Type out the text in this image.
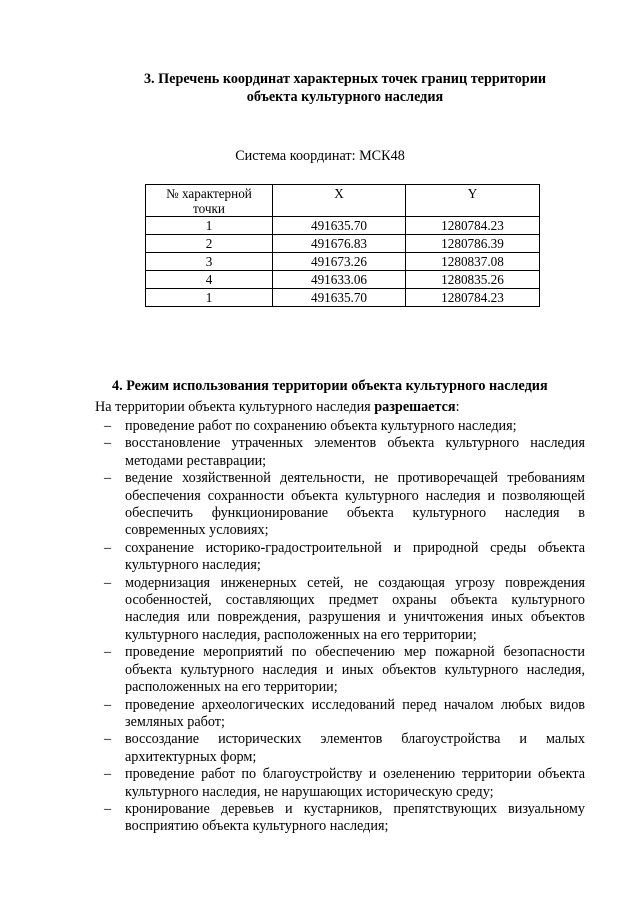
3. Перечень координат характерных точек границ территории
объекта культурного наследия
Система координат: МСК48
№ характерной точки	X	Y
1	491635.70	1280784.23
2	491676.83	1280786.39
3	491673.26	1280837.08
4	491633.06	1280835.26
1	491635.70	1280784.23
4. Режим использования территории объекта культурного наследия
На территории объекта культурного наследия разрешается:
– проведение работ по сохранению объекта культурного наследия;
– восстановление утраченных элементов объекта культурного наследия методами реставрации;
– ведение хозяйственной деятельности, не противоречащей требованиям обеспечения сохранности объекта культурного наследия и позволяющей обеспечить функционирование объекта культурного наследия в современных условиях;
– сохранение историко-градостроительной и природной среды объекта культурного наследия;
– модернизация инженерных сетей, не создающая угрозу повреждения особенностей, составляющих предмет охраны объекта культурного наследия или повреждения, разрушения и уничтожения иных объектов культурного наследия, расположенных на его территории;
– проведение мероприятий по обеспечению мер пожарной безопасности объекта культурного наследия и иных объектов культурного наследия, расположенных на его территории;
– проведение археологических исследований перед началом любых видов земляных работ;
– воссоздание исторических элементов благоустройства и малых архитектурных форм;
– проведение работ по благоустройству и озеленению территории объекта культурного наследия, не нарушающих историческую среду;
– кронирование деревьев и кустарников, препятствующих визуальному восприятию объекта культурного наследия;
